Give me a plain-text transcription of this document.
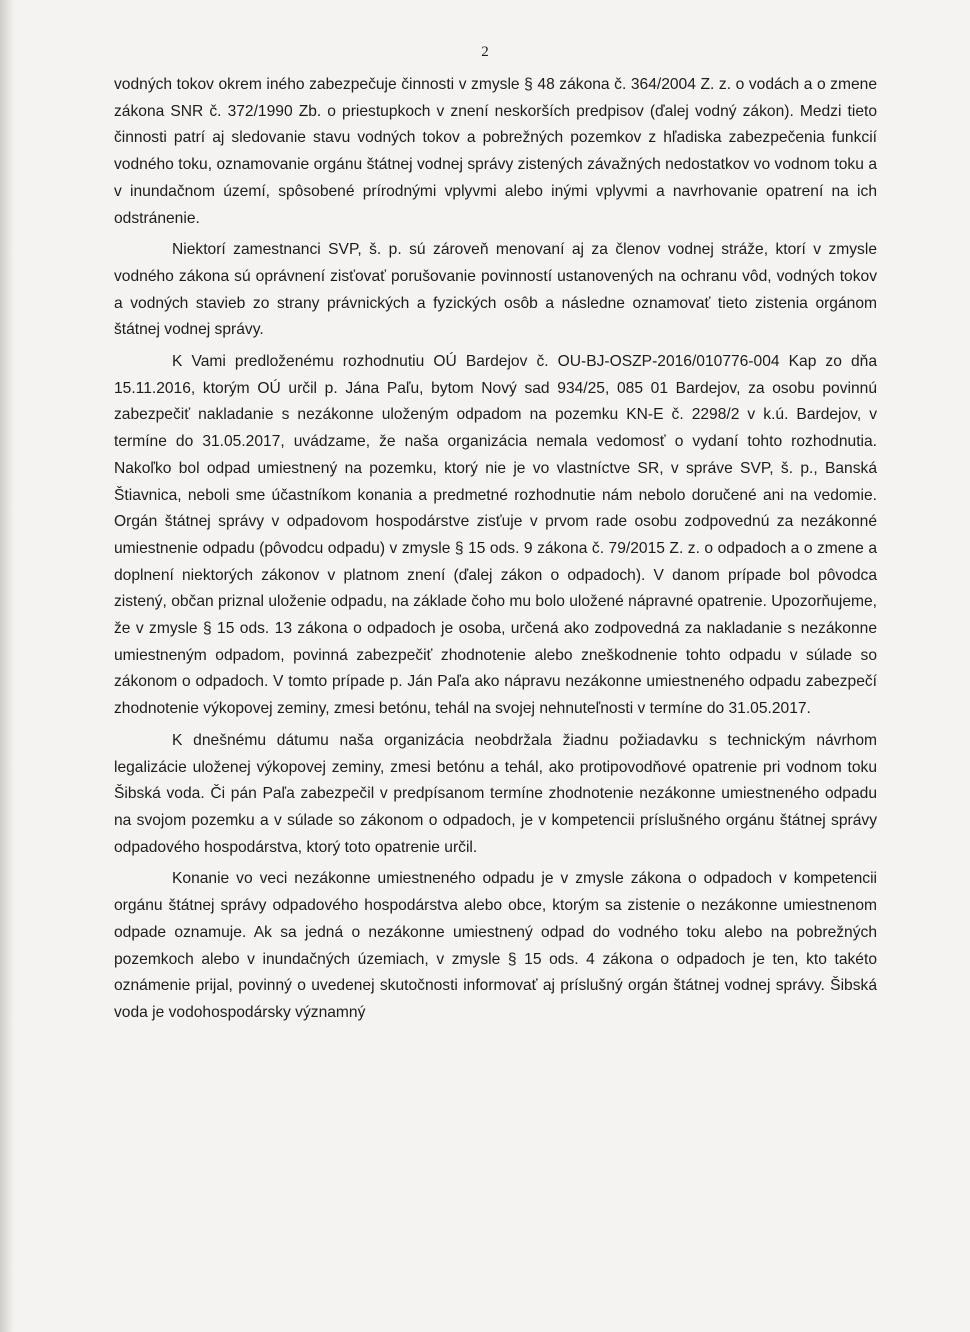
2

vodných tokov okrem iného zabezpečuje činnosti v zmysle § 48 zákona č. 364/2004 Z. z. o vodách a o zmene zákona SNR č. 372/1990 Zb. o priestupkoch v znení neskorších predpisov (ďalej vodný zákon). Medzi tieto činnosti patrí aj sledovanie stavu vodných tokov a pobrežných pozemkov z hľadiska zabezpečenia funkcií vodného toku, oznamovanie orgánu štátnej vodnej správy zistených závažných nedostatkov vo vodnom toku a v inundačnom území, spôsobené prírodnými vplyvmi alebo inými vplyvmi a navrhovanie opatrení na ich odstránenie.

Niektorí zamestnanci SVP, š. p. sú zároveň menovaní aj za členov vodnej stráže, ktorí v zmysle vodného zákona sú oprávnení zisťovať porušovanie povinností ustanovených na ochranu vôd, vodných tokov a vodných stavieb zo strany právnických a fyzických osôb a následne oznamovať tieto zistenia orgánom štátnej vodnej správy.

K Vami predloženému rozhodnutiu OÚ Bardejov č. OU-BJ-OSZP-2016/010776-004 Kap zo dňa 15.11.2016, ktorým OÚ určil p. Jána Paľu, bytom Nový sad 934/25, 085 01 Bardejov, za osobu povinnú zabezpečiť nakladanie s nezákonne uloženým odpadom na pozemku KN-E č. 2298/2 v k.ú. Bardejov, v termíne do 31.05.2017, uvádzame, že naša organizácia nemala vedomosť o vydaní tohto rozhodnutia. Nakoľko bol odpad umiestnený na pozemku, ktorý nie je vo vlastníctve SR, v správe SVP, š. p., Banská Štiavnica, neboli sme účastníkom konania a predmetné rozhodnutie nám nebolo doručené ani na vedomie. Orgán štátnej správy v odpadovom hospodárstve zisťuje v prvom rade osobu zodpovednú za nezákonné umiestnenie odpadu (pôvodcu odpadu) v zmysle § 15 ods. 9 zákona č. 79/2015 Z. z. o odpadoch a o zmene a doplnení niektorých zákonov v platnom znení (ďalej zákon o odpadoch). V danom prípade bol pôvodca zistený, občan priznal uloženie odpadu, na základe čoho mu bolo uložené nápravné opatrenie. Upozorňujeme, že v zmysle § 15 ods. 13 zákona o odpadoch je osoba, určená ako zodpovedná za nakladanie s nezákonne umiestneným odpadom, povinná zabezpečiť zhodnotenie alebo zneškodnenie tohto odpadu v súlade so zákonom o odpadoch. V tomto prípade p. Ján Paľa ako nápravu nezákonne umiestneného odpadu zabezpečí zhodnotenie výkopovej zeminy, zmesi betónu, tehál na svojej nehnuteľnosti v termíne do 31.05.2017.

K dnešnému dátumu naša organizácia neobdržala žiadnu požiadavku s technickým návrhom legalizácie uloženej výkopovej zeminy, zmesi betónu a tehál, ako protipovodňové opatrenie pri vodnom toku Šibská voda. Či pán Paľa zabezpečil v predpísanom termíne zhodnotenie nezákonne umiestneného odpadu na svojom pozemku a v súlade so zákonom o odpadoch, je v kompetencii príslušného orgánu štátnej správy odpadového hospodárstva, ktorý toto opatrenie určil.

Konanie vo veci nezákonne umiestneného odpadu je v zmysle zákona o odpadoch v kompetencii orgánu štátnej správy odpadového hospodárstva alebo obce, ktorým sa zistenie o nezákonne umiestnenom odpade oznamuje. Ak sa jedná o nezákonne umiestnený odpad do vodného toku alebo na pobrežných pozemkoch alebo v inundačných územiach, v zmysle § 15 ods. 4 zákona o odpadoch je ten, kto takéto oznámenie prijal, povinný o uvedenej skutočnosti informovať aj príslušný orgán štátnej vodnej správy. Šibská voda je vodohospodársky významný
